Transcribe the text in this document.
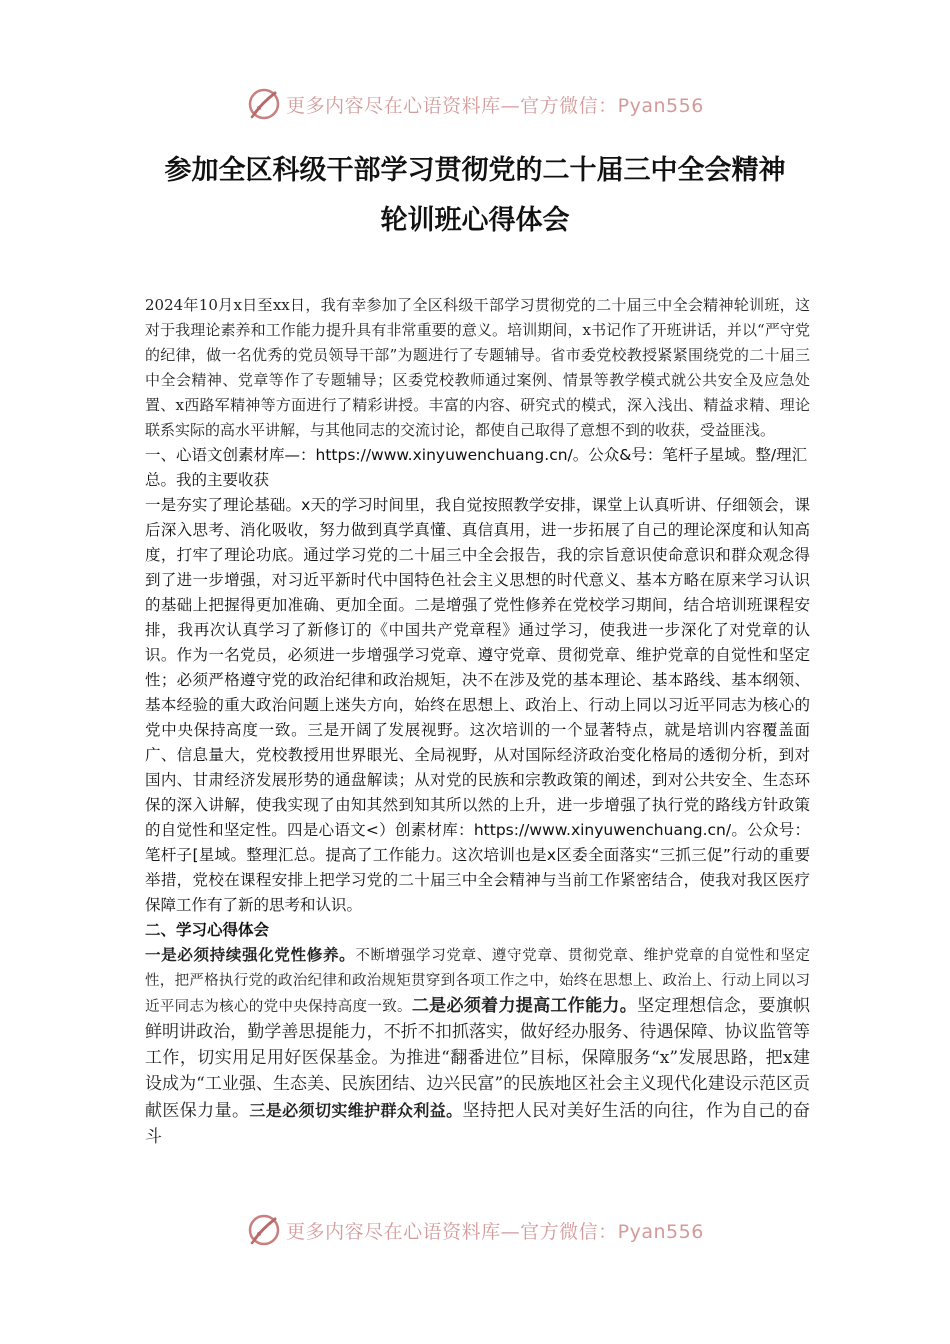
更多内容尽在心语资料库—官方微信：Pyan556
参加全区科级干部学习贯彻党的二十届三中全会精神
轮训班心得体会

2024年10月x日至xx日，我有幸参加了全区科级干部学习贯彻党的二十届三中全会精神轮训班，这对于我理论素养和工作能力提升具有非常重要的意义。培训期间，x书记作了开班讲话，并以“严守党的纪律，做一名优秀的党员领导干部”为题进行了专题辅导。省市委党校教授紧紧围绕党的二十届三中全会精神、党章等作了专题辅导；区委党校教师通过案例、情景等教学模式就公共安全及应急处置、x西路军精神等方面进行了精彩讲授。丰富的内容、研究式的模式，深入浅出、精益求精、理论联系实际的高水平讲解，与其他同志的交流讨论，都使自己取得了意想不到的收获，受益匪浅。

一、心语文创素材库—：https://www.xinyuwenchuang.cn/。公众&号：笔杆子星域。整/理汇总。我的主要收获

一是夯实了理论基础。x天的学习时间里，我自觉按照教学安排，课堂上认真听讲、仔细领会，课后深入思考、消化吸收，努力做到真学真懂、真信真用，进一步拓展了自己的理论深度和认知高度，打牢了理论功底。通过学习党的二十届三中全会报告，我的宗旨意识使命意识和群众观念得到了进一步增强，对习近平新时代中国特色社会主义思想的时代意义、基本方略在原来学习认识的基础上把握得更加准确、更加全面。二是增强了党性修养在党校学习期间，结合培训班课程安排，我再次认真学习了新修订的《中国共产党章程》通过学习，使我进一步深化了对党章的认识。作为一名党员，必须进一步增强学习党章、遵守党章、贯彻党章、维护党章的自觉性和坚定性；必须严格遵守党的政治纪律和政治规矩，决不在涉及党的基本理论、基本路线、基本纲领、基本经验的重大政治问题上迷失方向，始终在思想上、政治上、行动上同以习近平同志为核心的党中央保持高度一致。三是开阔了发展视野。这次培训的一个显著特点，就是培训内容覆盖面广、信息量大，党校教授用世界眼光、全局视野，从对国际经济政治变化格局的透彻分析，到对国内、甘肃经济发展形势的通盘解读；从对党的民族和宗教政策的阐述，到对公共安全、生态环保的深入讲解，使我实现了由知其然到知其所以然的上升，进一步增强了执行党的路线方针政策的自觉性和坚定性。四是心语文<）创素材库：https://www.xinyuwenchuang.cn/。公众号：笔杆子[星域。整理汇总。提高了工作能力。这次培训也是x区委全面落实“三抓三促”行动的重要举措，党校在课程安排上把学习党的二十届三中全会精神与当前工作紧密结合，使我对我区医疗保障工作有了新的思考和认识。

二、学习心得体会

一是必须持续强化党性修养。不断增强学习党章、遵守党章、贯彻党章、维护党章的自觉性和坚定性，把严格执行党的政治纪律和政治规矩贯穿到各项工作之中，始终在思想上、政治上、行动上同以习近平同志为核心的党中央保持高度一致。二是必须着力提高工作能力。坚定理想信念，要旗帜鲜明讲政治，勤学善思提能力，不折不扣抓落实，做好经办服务、待遇保障、协议监管等工作，切实用足用好医保基金。为推进“翻番进位”目标，保障服务“x”发展思路，把x建设成为“工业强、生态美、民族团结、边兴民富”的民族地区社会主义现代化建设示范区贡献医保力量。三是必须切实维护群众利益。坚持把人民对美好生活的向往，作为自己的奋斗

更多内容尽在心语资料库—官方微信：Pyan556
